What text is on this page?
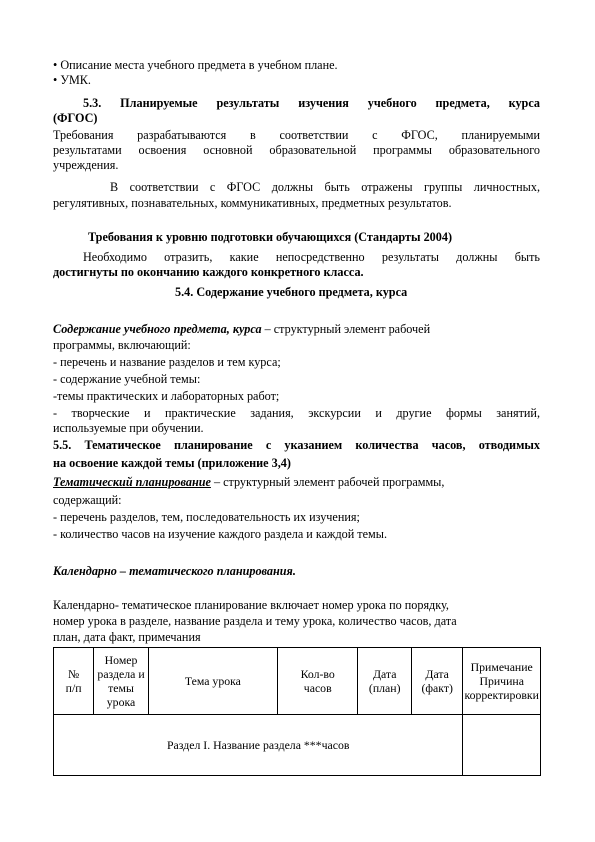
• Описание места учебного предмета в учебном плане.
• УМК.
5.3. Планируемые результаты изучения учебного предмета, курса
(ФГОС)
Требования разрабатываются в соответствии с ФГОС, планируемыми
результатами освоения основной образовательной программы образовательного
учреждения.
В соответствии с ФГОС должны быть отражены группы личностных,
регулятивных, познавательных, коммуникативных, предметных результатов.
Требования к уровню подготовки обучающихся (Стандарты 2004)
Необходимо отразить, какие непосредственно результаты должны быть
достигнуты по окончанию каждого конкретного класса.
5.4. Содержание учебного предмета, курса
Содержание учебного предмета, курса – структурный элемент рабочей
программы, включающий:
- перечень и название разделов и тем курса;
- содержание учебной темы:
-темы практических и лабораторных работ;
- творческие и практические задания, экскурсии и другие формы занятий,
используемые при обучении.
5.5. Тематическое планирование с указанием количества часов, отводимых
на освоение каждой темы (приложение 3,4)
Тематический планирование – структурный элемент рабочей программы,
содержащий:
- перечень разделов, тем, последовательность их изучения;
- количество часов на изучение каждого раздела и каждой темы.
Календарно – тематического планирования.
Календарно- тематическое планирование включает номер урока по порядку,
номер урока в разделе, название раздела и тему урока, количество часов, дата
план, дата факт, примечания
№
п/п	Номер
раздела и
темы
урока	Тема урока	Кол-во
часов	Дата
(план)	Дата
(факт)	Примечание
Причина
корректировки
Раздел I. Название раздела ***часов						
